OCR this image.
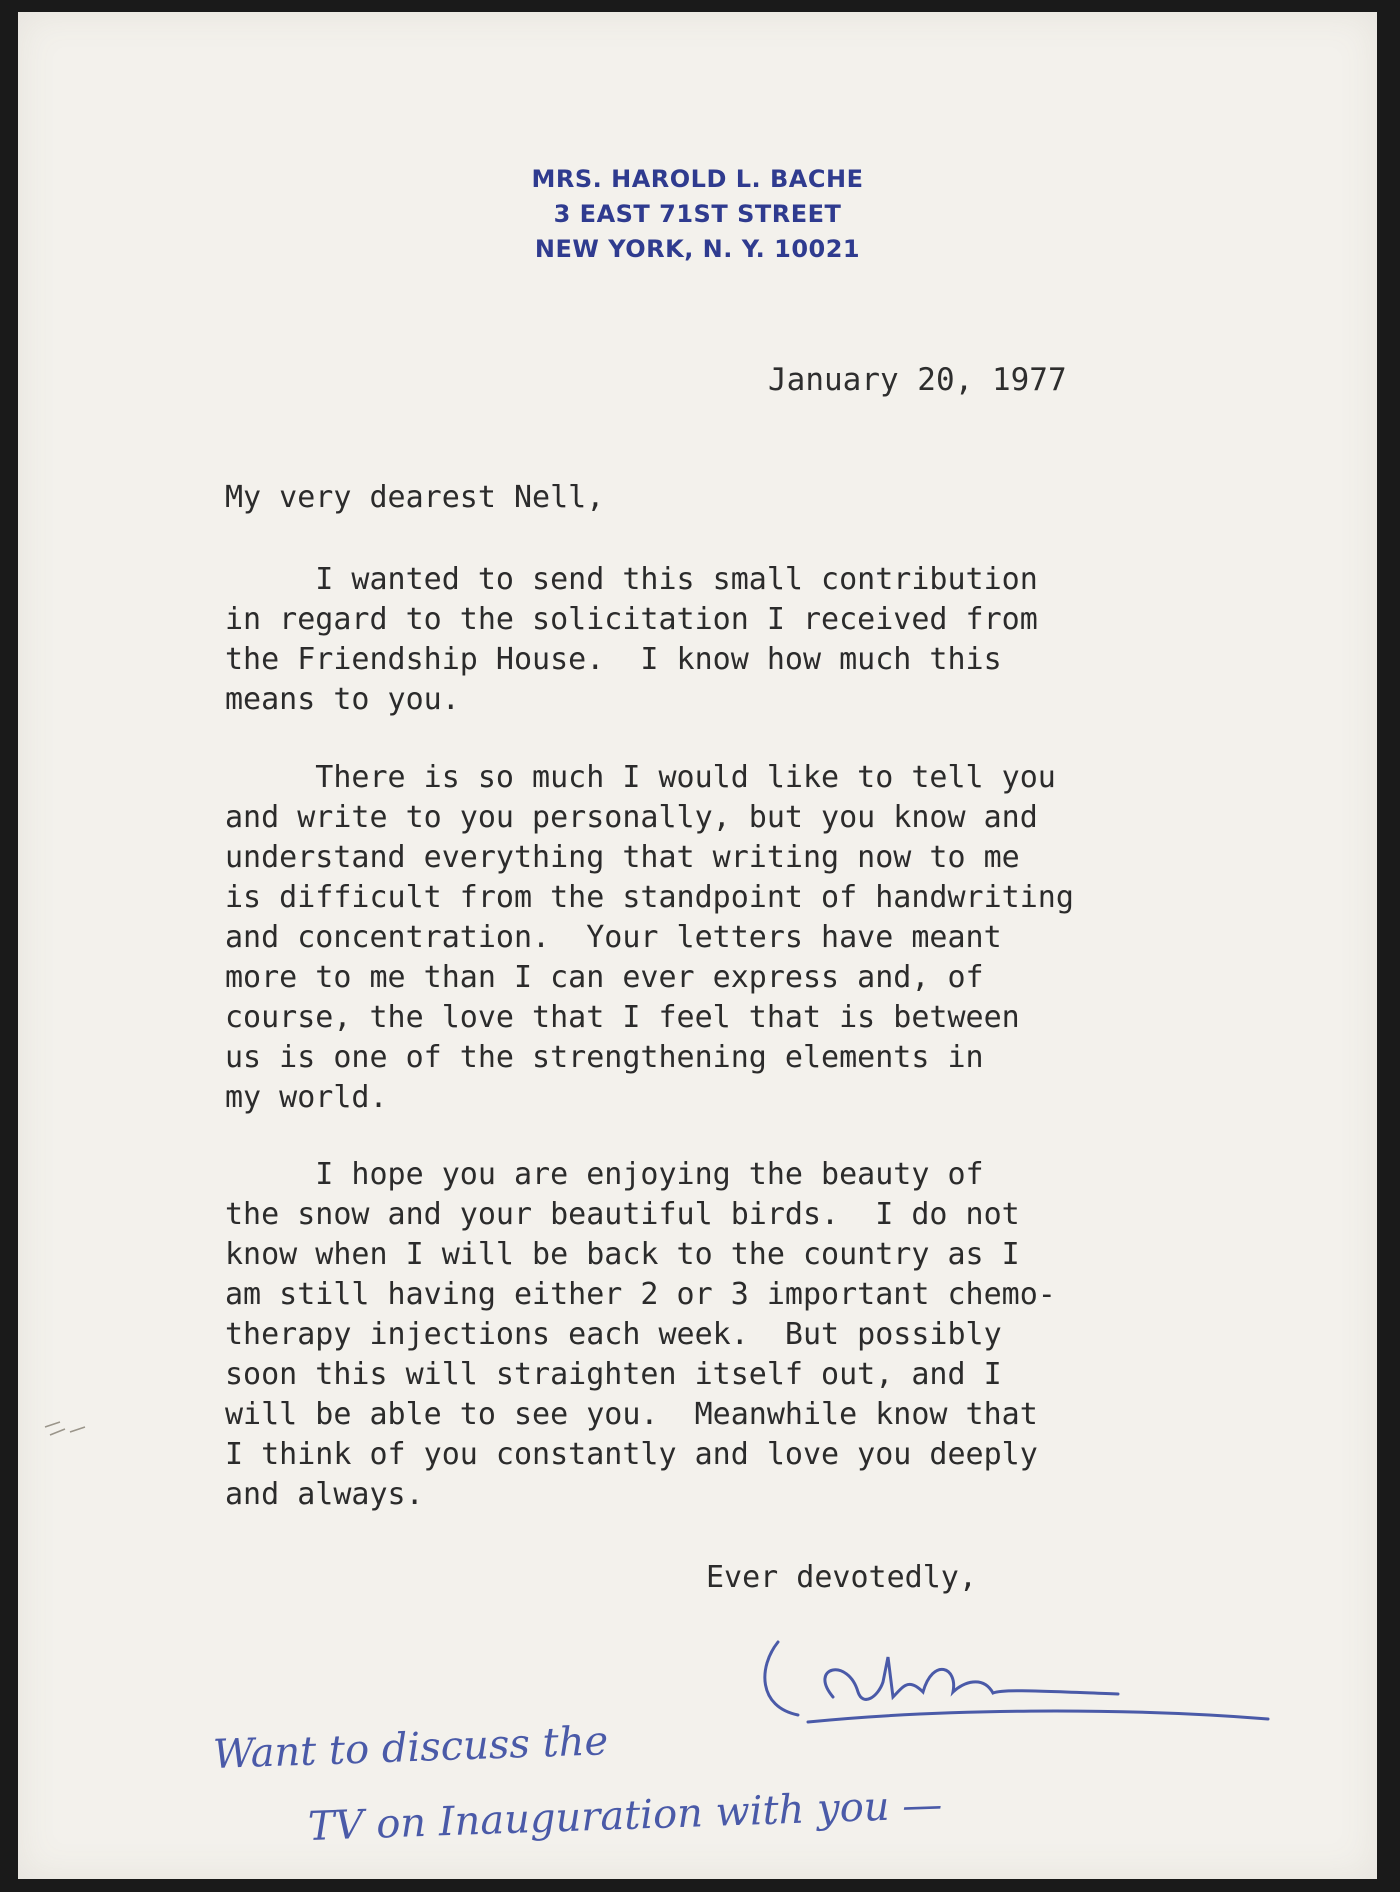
MRS. HAROLD L. BACHE
3 EAST 71ST STREET
NEW YORK, N. Y. 10021
January 20, 1977
My very dearest Nell,
I wanted to send this small contribution
in regard to the solicitation I received from
the Friendship House.  I know how much this
means to you.
There is so much I would like to tell you
and write to you personally, but you know and
understand everything that writing now to me
is difficult from the standpoint of handwriting
and concentration.  Your letters have meant
more to me than I can ever express and, of
course, the love that I feel that is between
us is one of the strengthening elements in
my world.
I hope you are enjoying the beauty of
the snow and your beautiful birds.  I do not
know when I will be back to the country as I
am still having either 2 or 3 important chemo-
therapy injections each week.  But possibly
soon this will straighten itself out, and I
will be able to see you.  Meanwhile know that
I think of you constantly and love you deeply
and always.
Ever devotedly,
Want to discuss the
TV on Inauguration with you —
